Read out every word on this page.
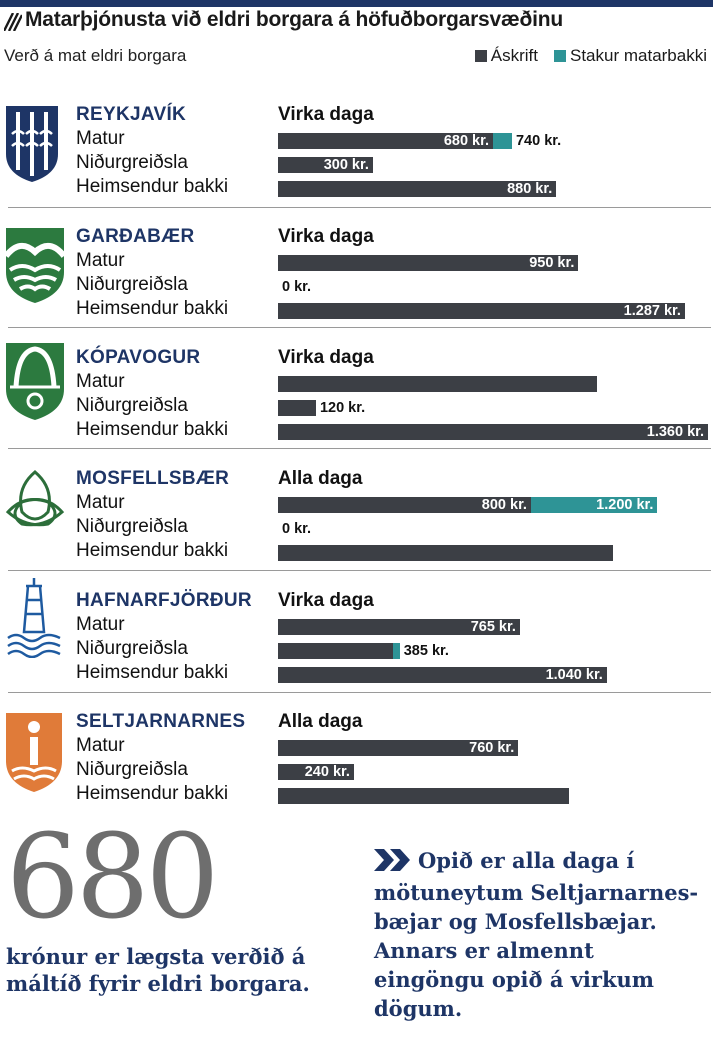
Matarþjónusta við eldri borgara á höfuðborgarsvæðinu
Verð á mat eldri borgara	Áskrift Stakur matarbakki
REYKJAVÍK	Virka daga
Matur	680 kr. 740 kr.
Niðurgreiðsla	300 kr.
Heimsendur bakki	880 kr.
GARÐABÆR	Virka daga
Matur	950 kr.
Niðurgreiðsla	0 kr.
Heimsendur bakki	1.287 kr.
KÓPAVOGUR	Virka daga
Matur
Niðurgreiðsla	120 kr.
Heimsendur bakki	1.360 kr.
MOSFELLSBÆR	Alla daga
Matur	800 kr.	1.200 kr.
Niðurgreiðsla	0 kr.
Heimsendur bakki
HAFNARFJÖRÐUR Virka daga
Matur	765 kr.
Niðurgreiðsla	385 kr.
Heimsendur bakki	1.040 kr.
SELTJARNARNES Alla daga
Matur	760 kr.
Niðurgreiðsla	240 kr.
Heimsendur bakki
680
krónur er lægsta verðið á máltíð fyrir eldri borgara.
Opið er alla daga í mötuneytum Seltjarnarnes-bæjar og Mosfellsbæjar. Annars er almennt eingöngu opið á virkum dögum.
